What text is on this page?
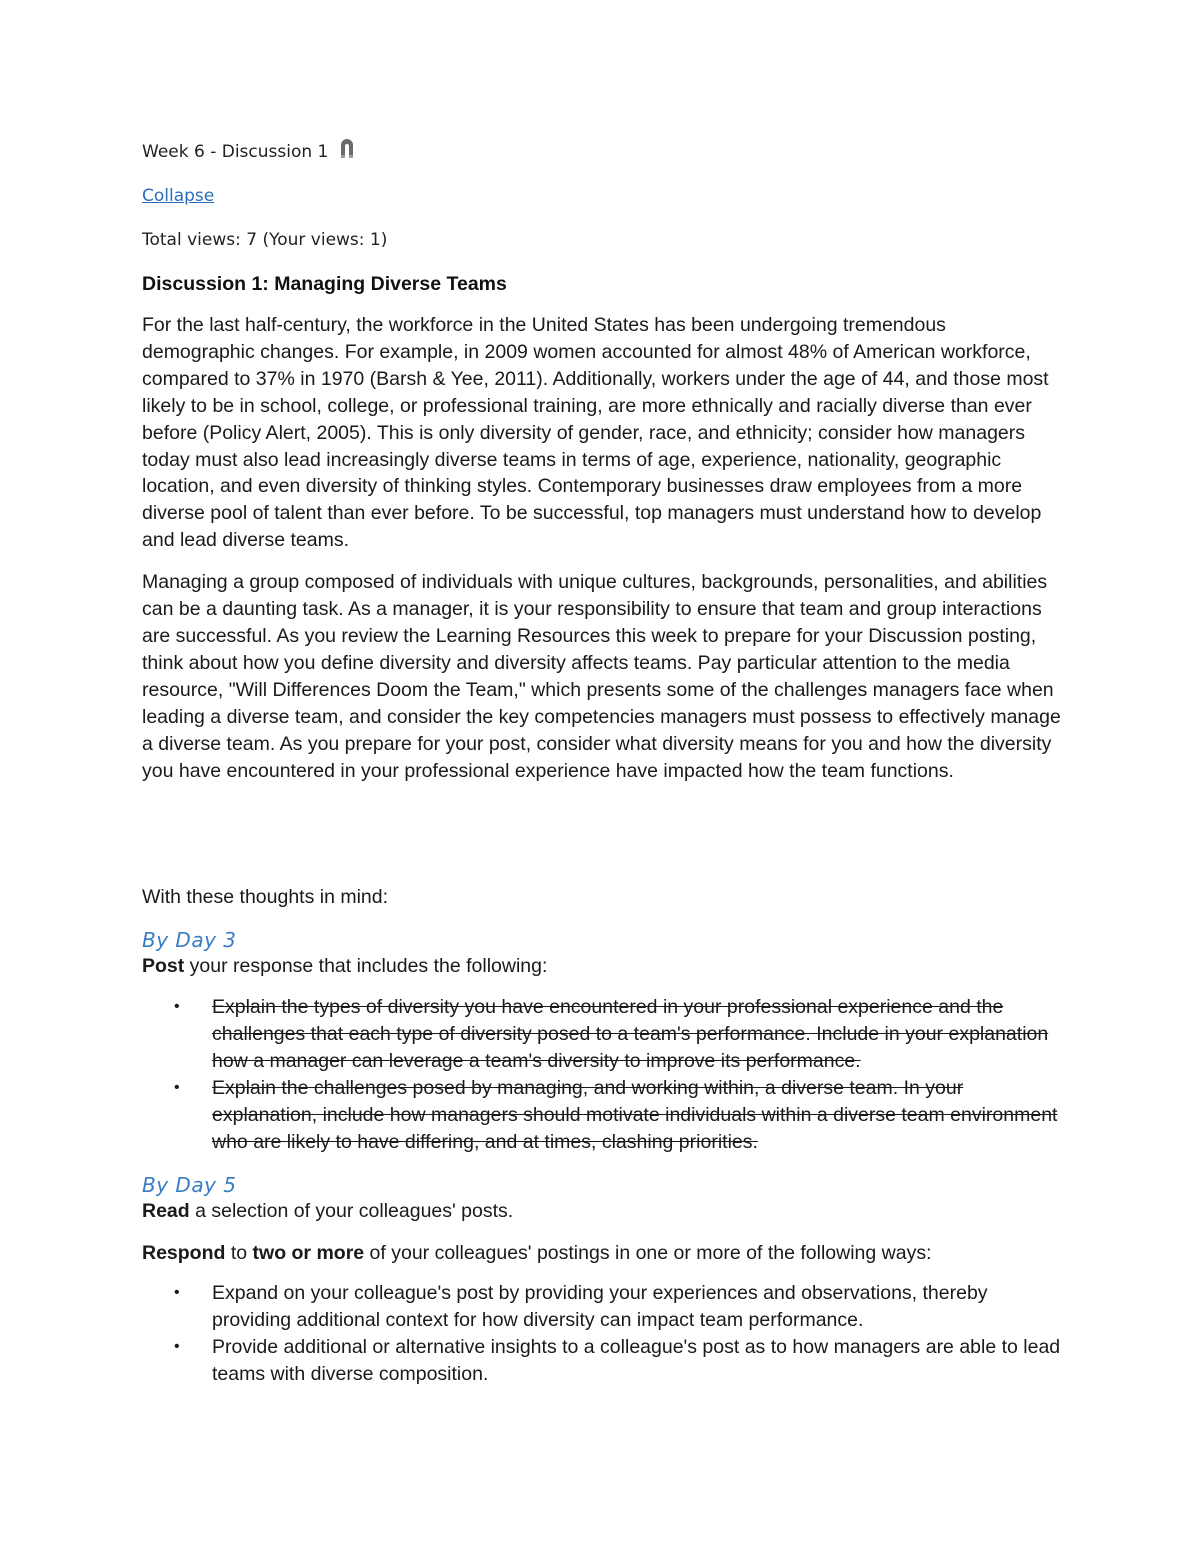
Week 6 - Discussion 1
Collapse

Total views: 7 (Your views: 1)

Discussion 1: Managing Diverse Teams

For the last half-century, the workforce in the United States has been undergoing tremendous demographic changes. For example, in 2009 women accounted for almost 48% of American workforce, compared to 37% in 1970 (Barsh & Yee, 2011). Additionally, workers under the age of 44, and those most likely to be in school, college, or professional training, are more ethnically and racially diverse than ever before (Policy Alert, 2005). This is only diversity of gender, race, and ethnicity; consider how managers today must also lead increasingly diverse teams in terms of age, experience, nationality, geographic location, and even diversity of thinking styles. Contemporary businesses draw employees from a more diverse pool of talent than ever before. To be successful, top managers must understand how to develop and lead diverse teams.

Managing a group composed of individuals with unique cultures, backgrounds, personalities, and abilities can be a daunting task. As a manager, it is your responsibility to ensure that team and group interactions are successful. As you review the Learning Resources this week to prepare for your Discussion posting, think about how you define diversity and diversity affects teams. Pay particular attention to the media resource, "Will Differences Doom the Team," which presents some of the challenges managers face when leading a diverse team, and consider the key competencies managers must possess to effectively manage a diverse team. As you prepare for your post, consider what diversity means for you and how the diversity you have encountered in your professional experience have impacted how the team functions.

With these thoughts in mind:

By Day 3

Post your response that includes the following:

• Explain the types of diversity you have encountered in your professional experience and the challenges that each type of diversity posed to a team's performance. Include in your explanation how a manager can leverage a team's diversity to improve its performance.
• Explain the challenges posed by managing, and working within, a diverse team. In your explanation, include how managers should motivate individuals within a diverse team environment who are likely to have differing, and at times, clashing priorities.
By Day 5

Read a selection of your colleagues' posts.

Respond to two or more of your colleagues' postings in one or more of the following ways:

• Expand on your colleague's post by providing your experiences and observations, thereby providing additional context for how diversity can impact team performance.
• Provide additional or alternative insights to a colleague's post as to how managers are able to lead teams with diverse composition.
